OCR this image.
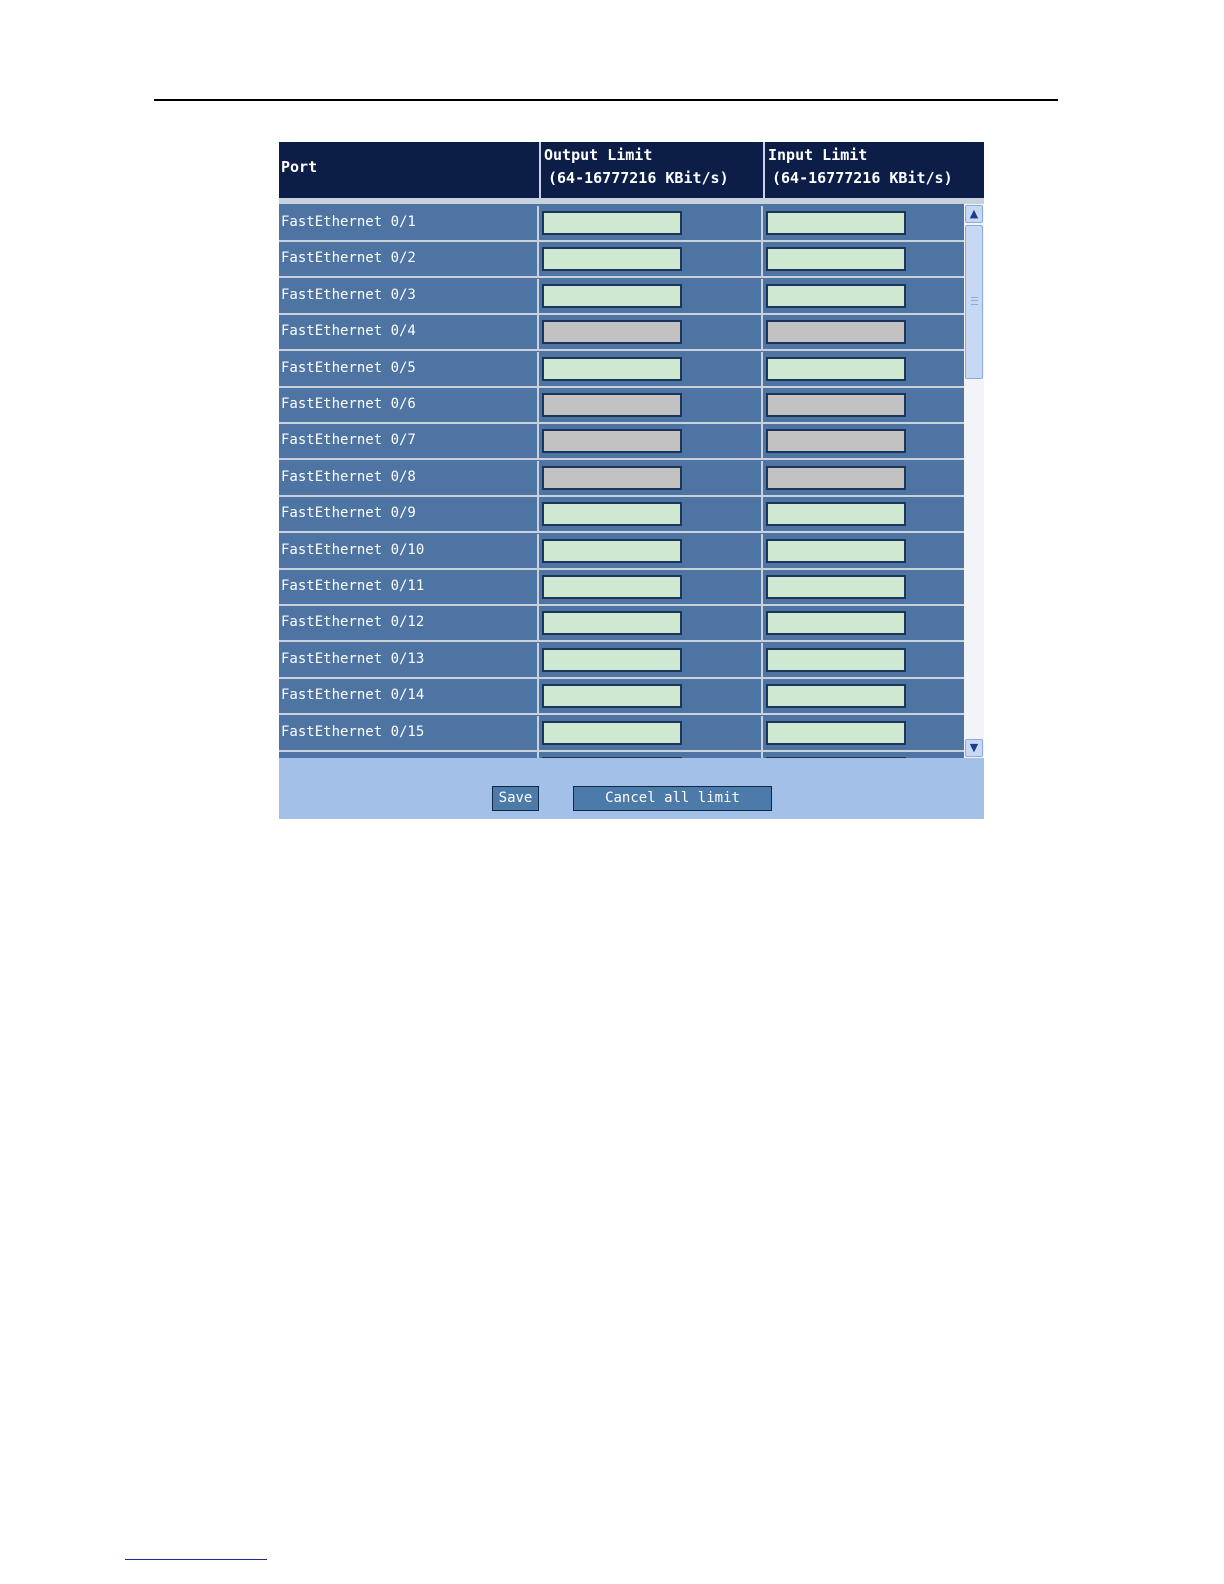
Port
Output Limit
(64-16777216 KBit/s)
Input Limit
(64-16777216 KBit/s)
FastEthernet 0/1
FastEthernet 0/2
FastEthernet 0/3
FastEthernet 0/4
FastEthernet 0/5
FastEthernet 0/6
FastEthernet 0/7
FastEthernet 0/8
FastEthernet 0/9
FastEthernet 0/10
FastEthernet 0/11
FastEthernet 0/12
FastEthernet 0/13
FastEthernet 0/14
FastEthernet 0/15
▲
▼
Save	Cancel all limit
